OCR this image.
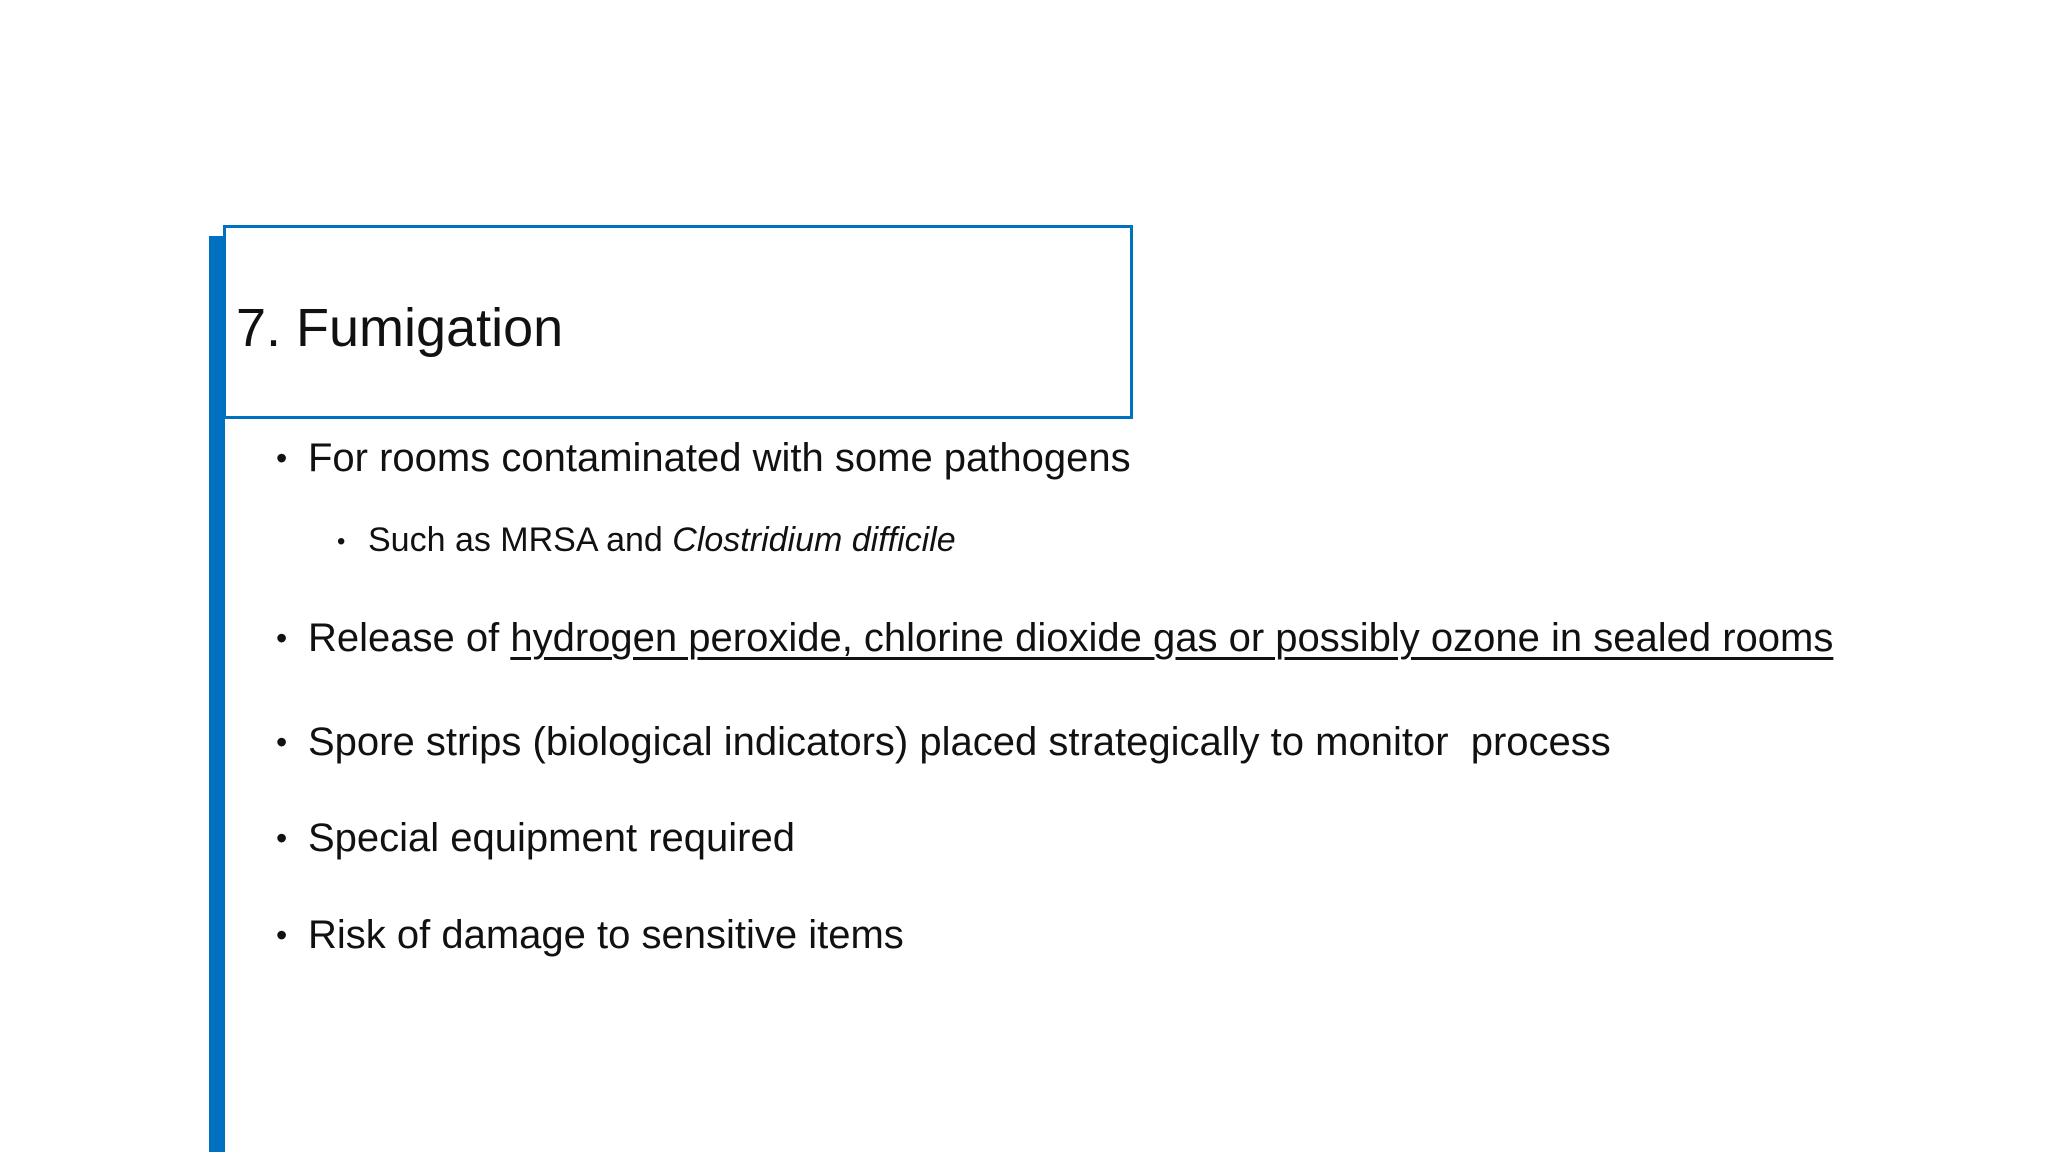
7. Fumigation
• For rooms contaminated with some pathogens
• Such as MRSA and Clostridium difficile
• Release of hydrogen peroxide, chlorine dioxide gas or possibly ozone in sealed rooms
• Spore strips (biological indicators) placed strategically to monitor  process
• Special equipment required
• Risk of damage to sensitive items
